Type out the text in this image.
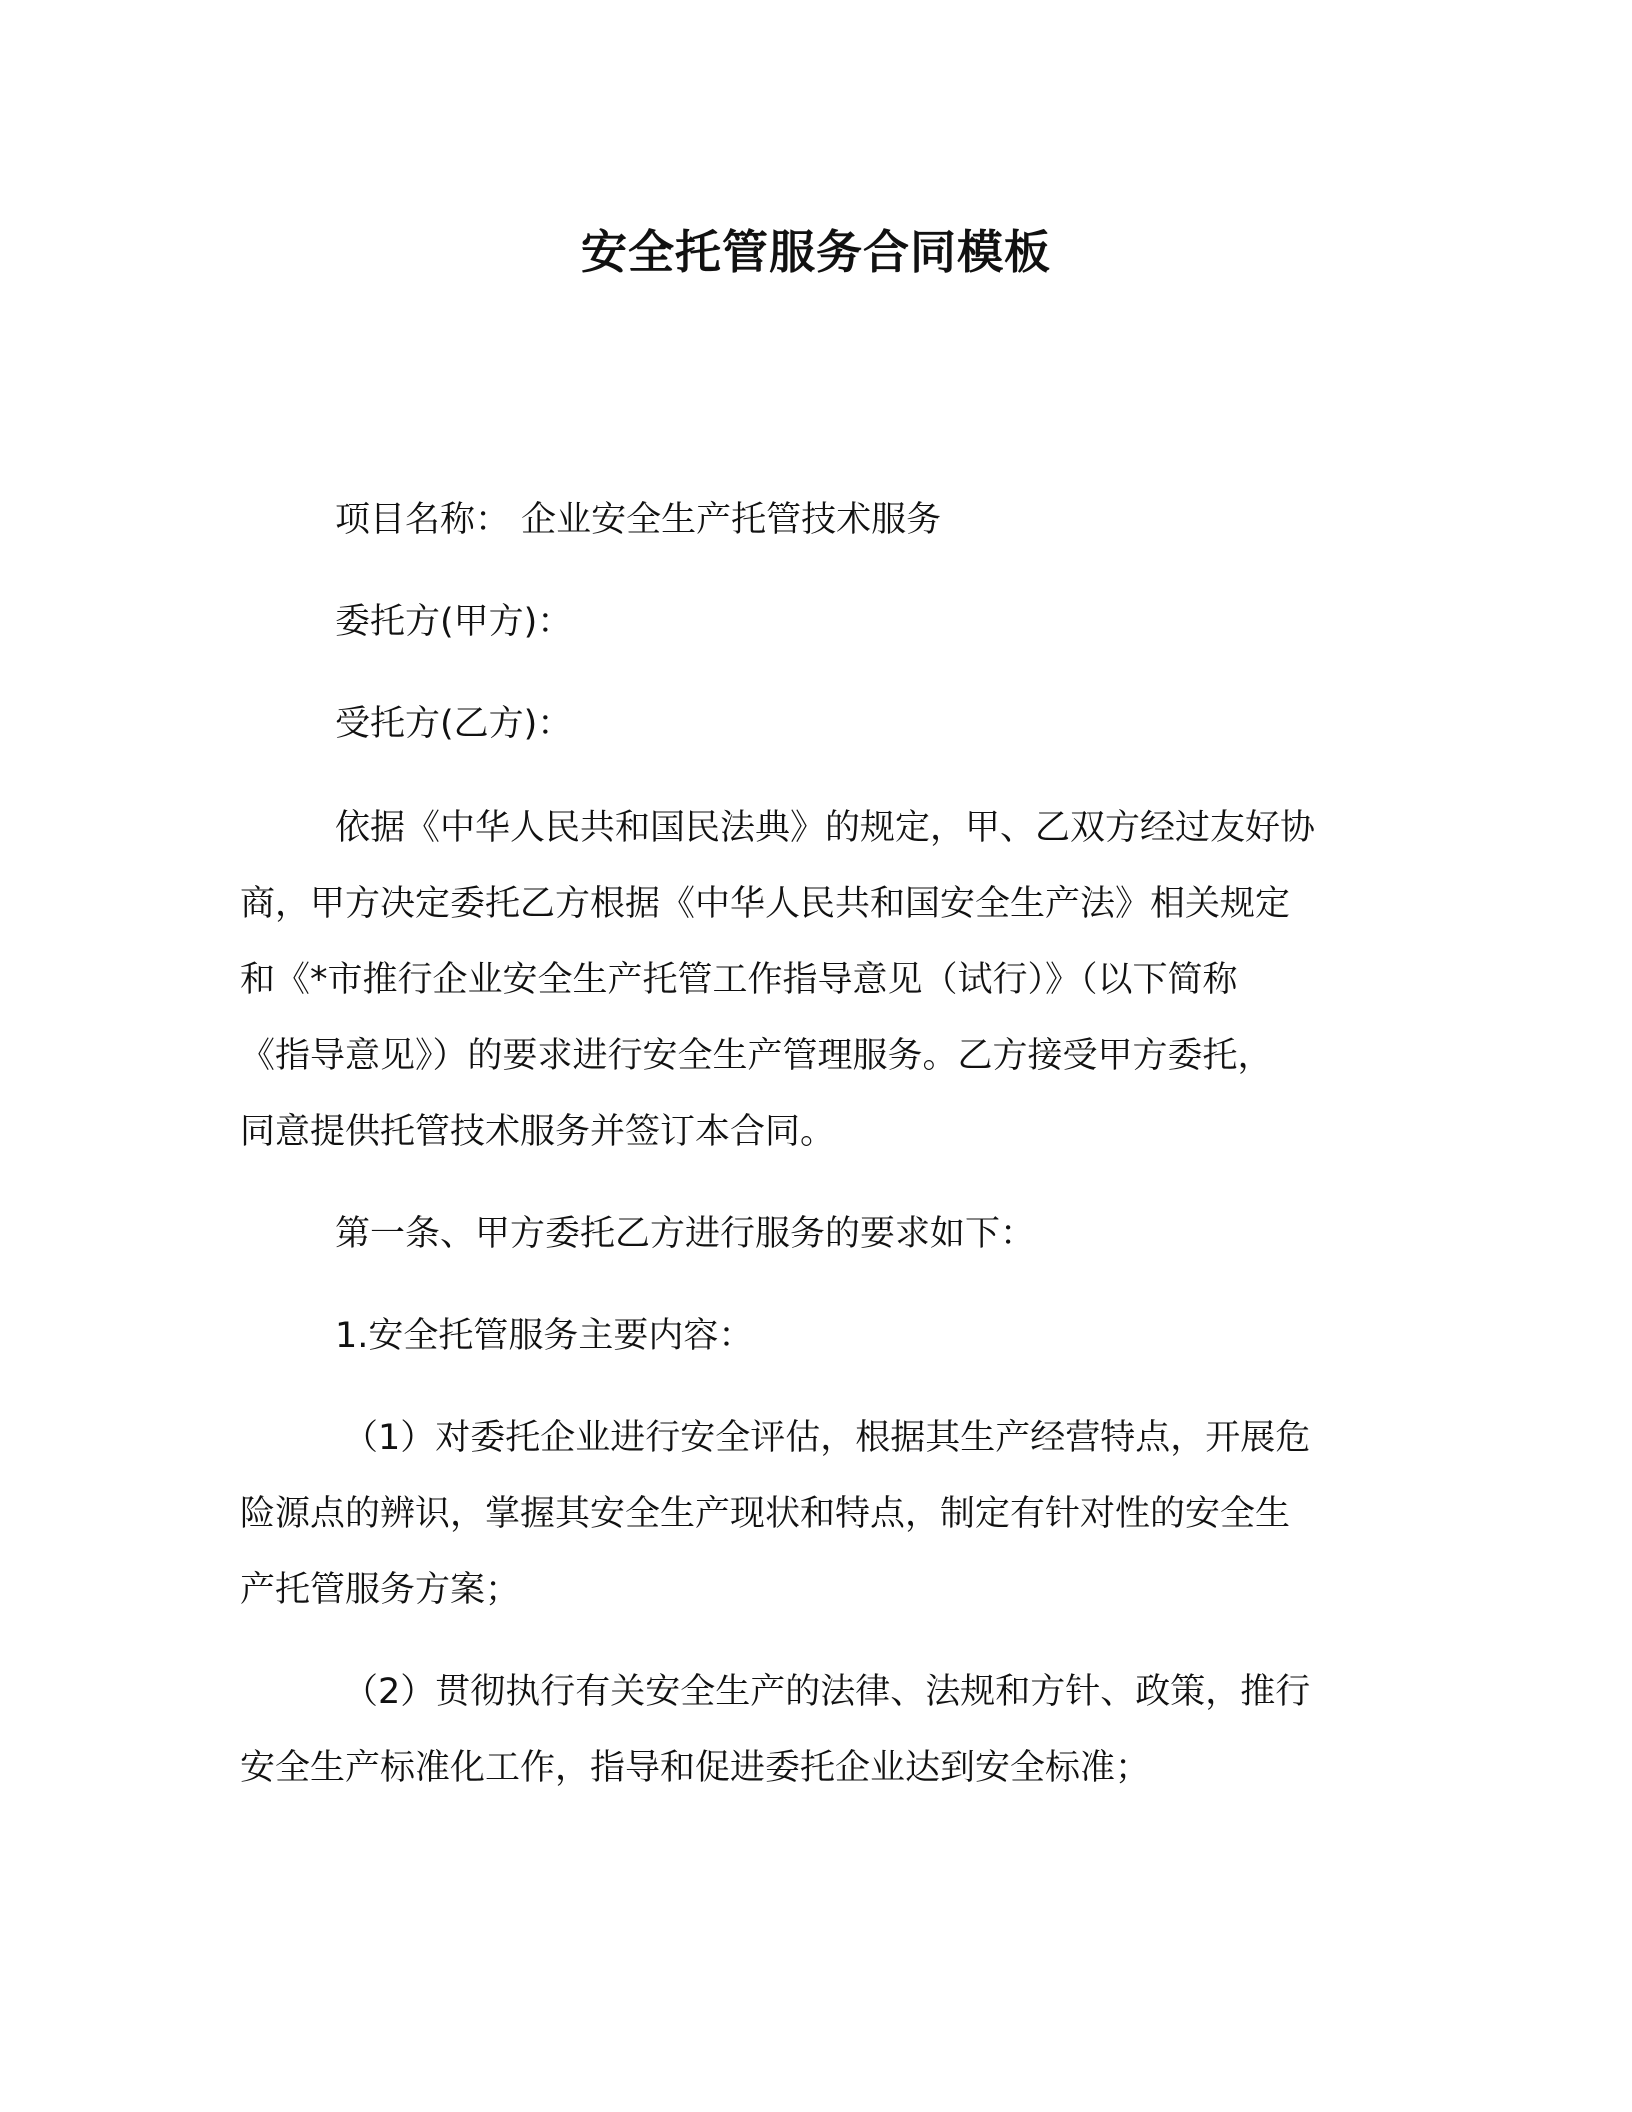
安全托管服务合同模板
项目名称： 企业安全生产托管技术服务
委托方(甲方)：
受托方(乙方)：
依据《中华人民共和国民法典》的规定，甲、乙双方经过友好协
商，甲方决定委托乙方根据《中华人民共和国安全生产法》相关规定
和《*市推行企业安全生产托管工作指导意见（试行）》（以下简称
《指导意见》）的要求进行安全生产管理服务。乙方接受甲方委托，
同意提供托管技术服务并签订本合同。
第一条、甲方委托乙方进行服务的要求如下：
1.安全托管服务主要内容：
（1）对委托企业进行安全评估，根据其生产经营特点，开展危
险源点的辨识，掌握其安全生产现状和特点，制定有针对性的安全生
产托管服务方案；
（2）贯彻执行有关安全生产的法律、法规和方针、政策，推行
安全生产标准化工作，指导和促进委托企业达到安全标准；
